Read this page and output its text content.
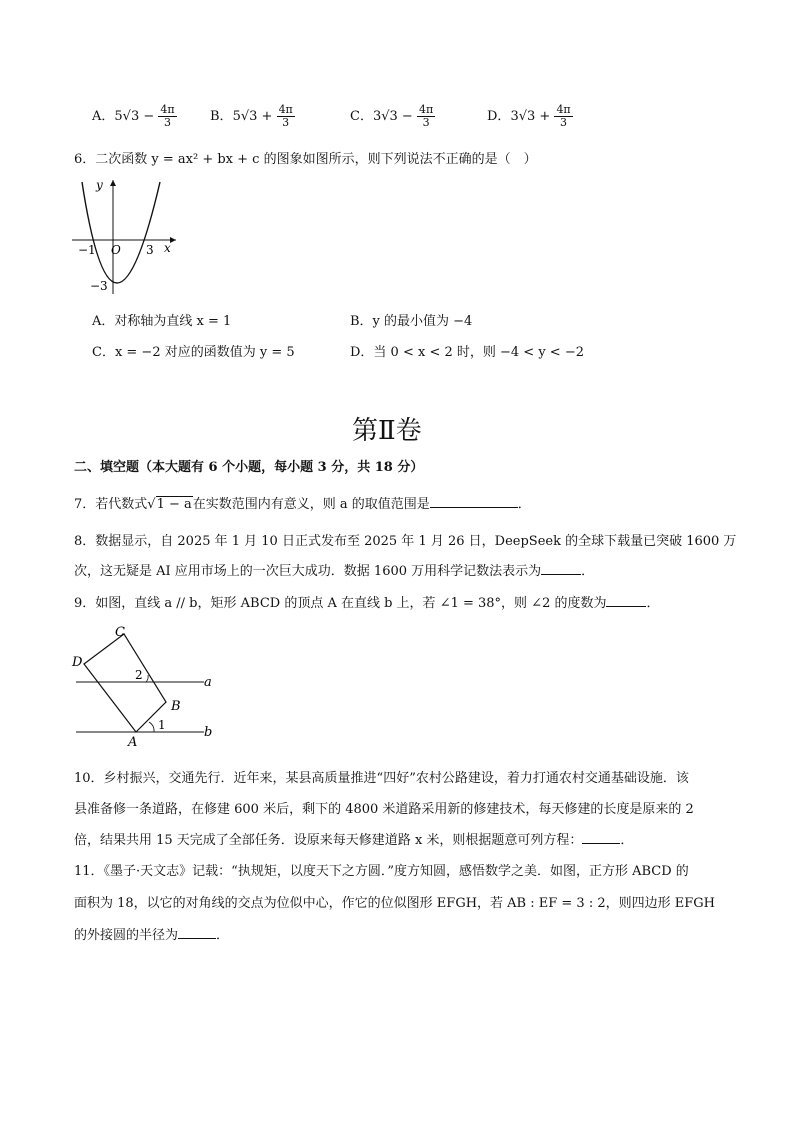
A．$5√3 - \frac{4\pi}{3}$	B．$5√3 + \frac{4\pi}{3}$	C．$3√3 - \frac{4\pi}{3}$	D．$3√3 + \frac{4\pi}{3}$
6．二次函数 y = ax² + bx + c 的图象如图所示，则下列说法不正确的是（　）
y
x
O
−1	3
−3
A．对称轴为直线 x = 1	B．y 的最小值为 −4
C．x = −2 对应的函数值为 y = 5	D．当 0 < x < 2 时，则 −4 < y < −2
第Ⅱ卷
二、填空题（本大题有 6 个小题，每小题 3 分，共 18 分）
7．若代数式√1 − a在实数范围内有意义，则 a 的取值范围是	．
8．数据显示，自 2025 年 1 月 10 日正式发布至 2025 年 1 月 26 日，DeepSeek 的全球下载量已突破 1600 万
次，这无疑是 AI 应用市场上的一次巨大成功．数据 1600 万用科学记数法表示为	．
9．如图，直线 a // b，矩形 ABCD 的顶点 A 在直线 b 上，若 ∠1 = 38°，则 ∠2 的度数为	．
C
D
B
A
a
b
1
2
10．乡村振兴，交通先行．近年来，某县高质量推进“四好”农村公路建设，着力打通农村交通基础设施．该
县准备修一条道路，在修建 600 米后，剩下的 4800 米道路采用新的修建技术，每天修建的长度是原来的 2
倍，结果共用 15 天完成了全部任务．设原来每天修建道路 x 米，则根据题意可列方程：	．
11．《墨子·天文志》记载：“执规矩，以度天下之方圆．”度方知圆，感悟数学之美．如图，正方形 ABCD 的
面积为 18，以它的对角线的交点为位似中心，作它的位似图形 EFGH，若 AB : EF = 3 : 2，则四边形 EFGH
的外接圆的半径为	．
